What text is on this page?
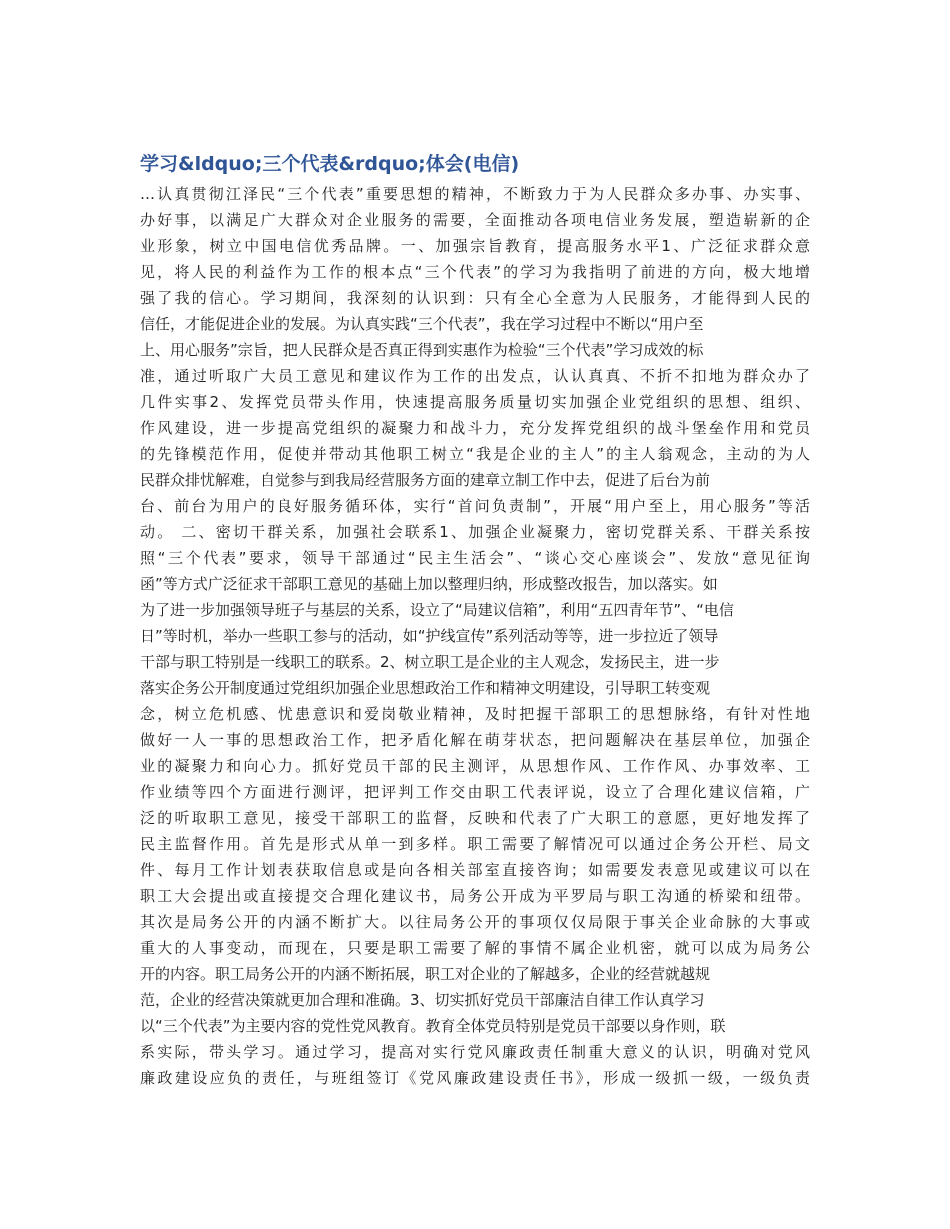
学习&ldquo;三个代表&rdquo;体会(电信)
…认真贯彻江泽民“三个代表”重要思想的精神，不断致力于为人民群众多办事、办实事、
办好事，以满足广大群众对企业服务的需要，全面推动各项电信业务发展，塑造崭新的企
业形象，树立中国电信优秀品牌。一、加强宗旨教育，提高服务水平1、广泛征求群众意
见，将人民的利益作为工作的根本点“三个代表”的学习为我指明了前进的方向，极大地增
强了我的信心。学习期间，我深刻的认识到：只有全心全意为人民服务，才能得到人民的
信任，才能促进企业的发展。为认真实践“三个代表”，我在学习过程中不断以“用户至
上、用心服务”宗旨，把人民群众是否真正得到实惠作为检验“三个代表”学习成效的标
准，通过听取广大员工意见和建议作为工作的出发点，认认真真、不折不扣地为群众办了
几件实事2、发挥党员带头作用，快速提高服务质量切实加强企业党组织的思想、组织、
作风建设，进一步提高党组织的凝聚力和战斗力，充分发挥党组织的战斗堡垒作用和党员
的先锋模范作用，促使并带动其他职工树立“我是企业的主人”的主人翁观念，主动的为人
民群众排忧解难，自觉参与到我局经营服务方面的建章立制工作中去，促进了后台为前
台、前台为用户的良好服务循环体，实行“首问负责制”，开展“用户至上，用心服务”等活
动。 二、密切干群关系，加强社会联系1、加强企业凝聚力，密切党群关系、干群关系按
照“三个代表”要求，领导干部通过“民主生活会”、“谈心交心座谈会”、发放“意见征询
函”等方式广泛征求干部职工意见的基础上加以整理归纳，形成整改报告，加以落实。如
为了进一步加强领导班子与基层的关系，设立了“局建议信箱”，利用“五四青年节”、“电信
日”等时机，举办一些职工参与的活动，如“护线宣传”系列活动等等，进一步拉近了领导
干部与职工特别是一线职工的联系。2、树立职工是企业的主人观念，发扬民主，进一步
落实企务公开制度通过党组织加强企业思想政治工作和精神文明建设，引导职工转变观
念，树立危机感、忧患意识和爱岗敬业精神，及时把握干部职工的思想脉络，有针对性地
做好一人一事的思想政治工作，把矛盾化解在萌芽状态，把问题解决在基层单位，加强企
业的凝聚力和向心力。抓好党员干部的民主测评，从思想作风、工作作风、办事效率、工
作业绩等四个方面进行测评，把评判工作交由职工代表评说，设立了合理化建议信箱，广
泛的听取职工意见，接受干部职工的监督，反映和代表了广大职工的意愿，更好地发挥了
民主监督作用。首先是形式从单一到多样。职工需要了解情况可以通过企务公开栏、局文
件、每月工作计划表获取信息或是向各相关部室直接咨询；如需要发表意见或建议可以在
职工大会提出或直接提交合理化建议书，局务公开成为平罗局与职工沟通的桥梁和纽带。
其次是局务公开的内涵不断扩大。以往局务公开的事项仅仅局限于事关企业命脉的大事或
重大的人事变动，而现在，只要是职工需要了解的事情不属企业机密，就可以成为局务公
开的内容。职工局务公开的内涵不断拓展，职工对企业的了解越多，企业的经营就越规
范，企业的经营决策就更加合理和准确。3、切实抓好党员干部廉洁自律工作认真学习
以“三个代表”为主要内容的党性党风教育。教育全体党员特别是党员干部要以身作则，联
系实际，带头学习。通过学习，提高对实行党风廉政责任制重大意义的认识，明确对党风
廉政建设应负的责任，与班组签订《党风廉政建设责任书》，形成一级抓一级，一级负责
